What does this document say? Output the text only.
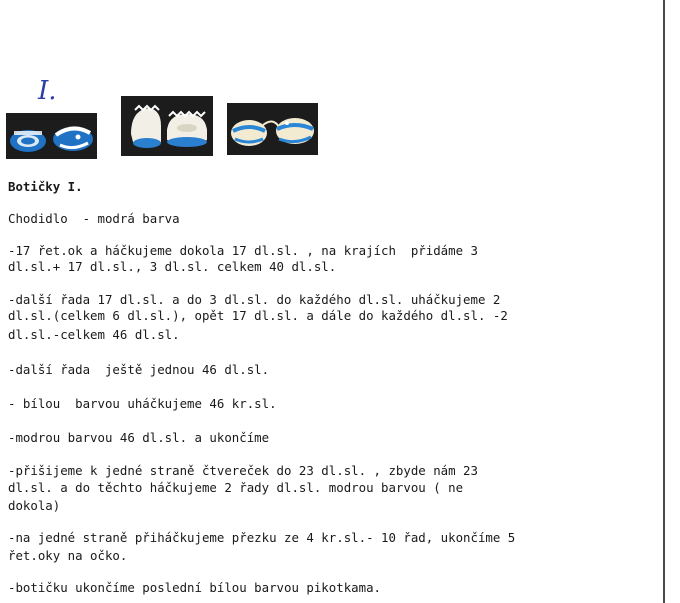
I.

Botičky I.

Chodidlo  - modrá barva

-17 řet.ok a háčkujeme dokola 17 dl.sl. , na krajích  přidáme 3

dl.sl.+ 17 dl.sl., 3 dl.sl. celkem 40 dl.sl.

-další řada 17 dl.sl. a do 3 dl.sl. do každého dl.sl. uháčkujeme 2

dl.sl.(celkem 6 dl.sl.), opět 17 dl.sl. a dále do každého dl.sl. -2

dl.sl.-celkem 46 dl.sl.

-další řada  ještě jednou 46 dl.sl.

- bílou  barvou uháčkujeme 46 kr.sl.

-modrou barvou 46 dl.sl. a ukončíme

-přišijeme k jedné straně čtvereček do 23 dl.sl. , zbyde nám 23

dl.sl. a do těchto háčkujeme 2 řady dl.sl. modrou barvou ( ne

dokola)

-na jedné straně přiháčkujeme přezku ze 4 kr.sl.- 10 řad, ukončíme 5

řet.oky na očko.

-botičku ukončíme poslední bílou barvou pikotkama.
